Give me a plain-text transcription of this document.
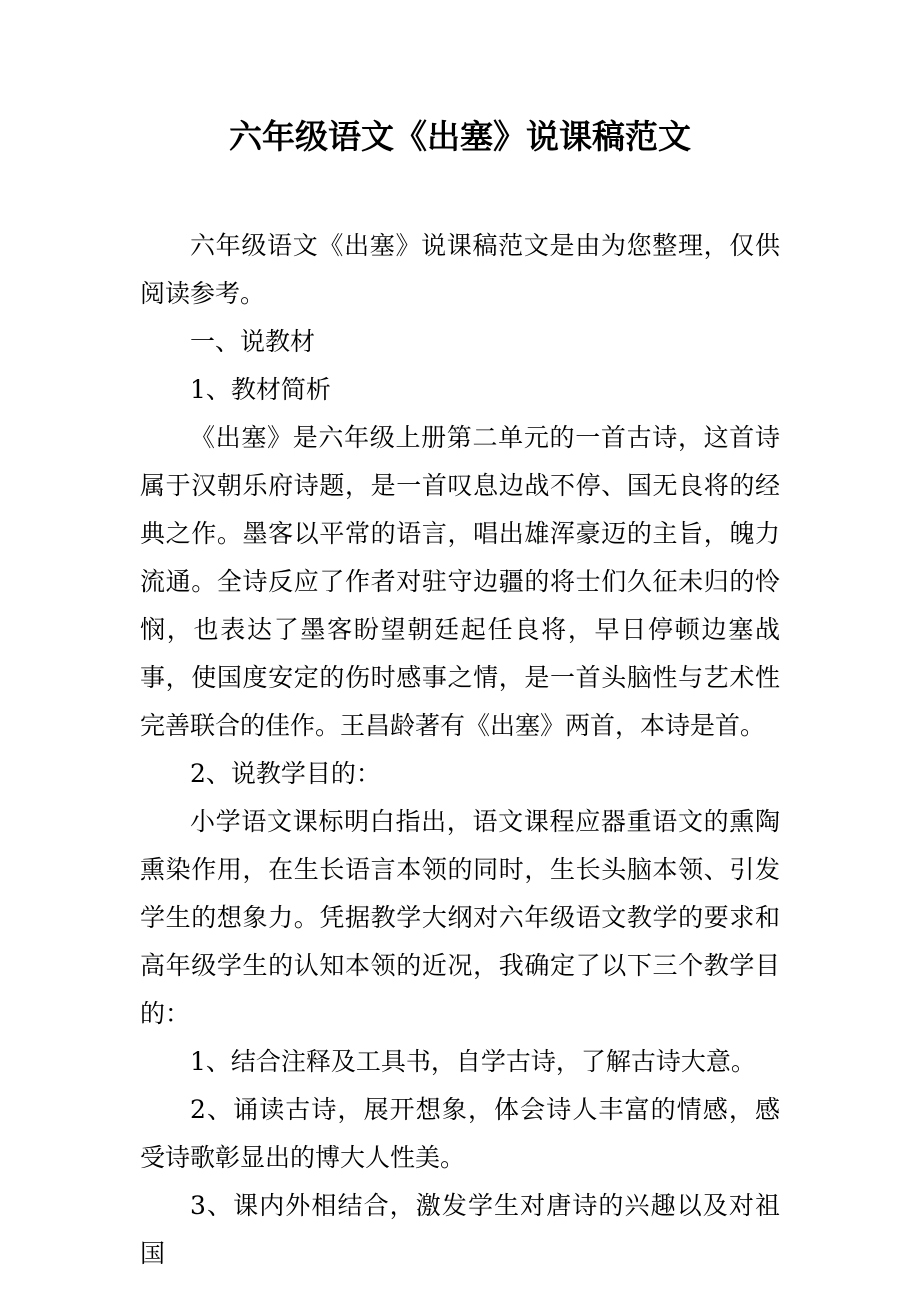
六年级语文《出塞》说课稿范文

六年级语文《出塞》说课稿范文是由为您整理，仅供阅读参考。

一、说教材

1、教材简析

《出塞》是六年级上册第二单元的一首古诗，这首诗属于汉朝乐府诗题，是一首叹息边战不停、国无良将的经典之作。墨客以平常的语言，唱出雄浑豪迈的主旨，魄力流通。全诗反应了作者对驻守边疆的将士们久征未归的怜悯，也表达了墨客盼望朝廷起任良将，早日停顿边塞战事，使国度安定的伤时感事之情，是一首头脑性与艺术性完善联合的佳作。王昌龄著有《出塞》两首，本诗是首。

2、说教学目的：

小学语文课标明白指出，语文课程应器重语文的熏陶熏染作用，在生长语言本领的同时，生长头脑本领、引发学生的想象力。凭据教学大纲对六年级语文教学的要求和高年级学生的认知本领的近况，我确定了以下三个教学目的：

1、结合注释及工具书，自学古诗，了解古诗大意。

2、诵读古诗，展开想象，体会诗人丰富的情感，感受诗歌彰显出的博大人性美。

3、课内外相结合，激发学生对唐诗的兴趣以及对祖国
